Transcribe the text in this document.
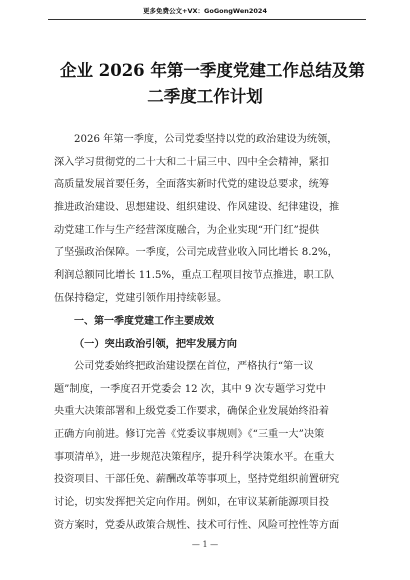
更多免费公文+VX：GoGongWen2024
企业 2026 年第一季度党建工作总结及第
二季度工作计划
2026 年第一季度，公司党委坚持以党的政治建设为统领，
深入学习贯彻党的二十大和二十届三中、四中全会精神，紧扣
高质量发展首要任务，全面落实新时代党的建设总要求，统筹
推进政治建设、思想建设、组织建设、作风建设、纪律建设，推
动党建工作与生产经营深度融合，为企业实现“开门红”提供
了坚强政治保障。一季度，公司完成营业收入同比增长 8.2%，
利润总额同比增长 11.5%，重点工程项目按节点推进，职工队
伍保持稳定，党建引领作用持续彰显。
一、第一季度党建工作主要成效
（一）突出政治引领，把牢发展方向
公司党委始终把政治建设摆在首位，严格执行“第一议
题”制度，一季度召开党委会 12 次，其中 9 次专题学习党中
央重大决策部署和上级党委工作要求，确保企业发展始终沿着
正确方向前进。修订完善《党委议事规则》《“三重一大”决策
事项清单》，进一步规范决策程序，提升科学决策水平。在重大
投资项目、干部任免、薪酬改革等事项上，坚持党组织前置研究
讨论，切实发挥把关定向作用。例如，在审议某新能源项目投
资方案时，党委从政策合规性、技术可行性、风险可控性等方面
— 1 —
